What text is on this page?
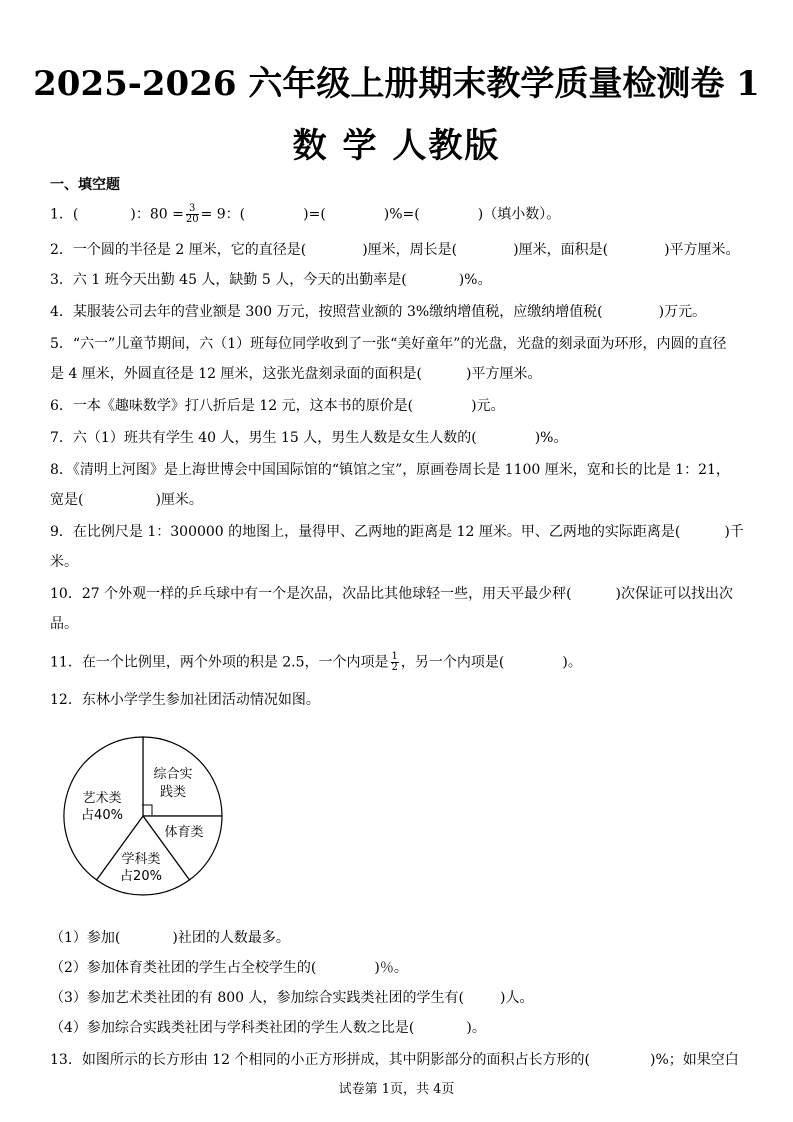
2025-2026 六年级上册期末教学质量检测卷 1
数 学 人教版
一、填空题
1．(	)：$80 = \frac{3}{20} = 9$：(	)=(	)%=(	)（填小数）。
2．一个圆的半径是 2 厘米，它的直径是(	)厘米，周长是(	)厘米，面积是(	)平方厘米。
3．六 1 班今天出勤 45 人，缺勤 5 人，今天的出勤率是(	)%。
4．某服装公司去年的营业额是 300 万元，按照营业额的 3%缴纳增值税，应缴纳增值税(	)万元。
5．“六一”儿童节期间，六（1）班每位同学收到了一张“美好童年”的光盘，光盘的刻录面为环形，内圆的直径
是 4 厘米，外圆直径是 12 厘米，这张光盘刻录面的面积是(	)平方厘米。
6．一本《趣味数学》打八折后是 12 元，这本书的原价是(	)元。
7．六（1）班共有学生 40 人，男生 15 人，男生人数是女生人数的(	)%。
8．《清明上河图》是上海世博会中国国际馆的“镇馆之宝”，原画卷周长是 1100 厘米，宽和长的比是 1：21，
宽是(	)厘米。
9．在比例尺是 1：300000 的地图上，量得甲、乙两地的距离是 12 厘米。甲、乙两地的实际距离是(	)千
米。
10．27 个外观一样的乒乓球中有一个是次品，次品比其他球轻一些，用天平最少秤(	)次保证可以找出次
品。
11．在一个比例里，两个外项的积是 2.5，一个内项是 $\frac{1}{2}$ ，另一个内项是(	)。
12．东林小学学生参加社团活动情况如图。
综合实
践类
体育类
学科类
占20%
艺术类
占40%
（1）参加(	)社团的人数最多。
（2）参加体育类社团的学生占全校学生的(	)％。
（3）参加艺术类社团的有 800 人，参加综合实践类社团的学生有(	)人。
（4）参加综合实践类社团与学科类社团的学生人数之比是(	)。
13．如图所示的长方形由 12 个相同的小正方形拼成，其中阴影部分的面积占长方形的(	)%；如果空白
试卷第 1页，共 4页
